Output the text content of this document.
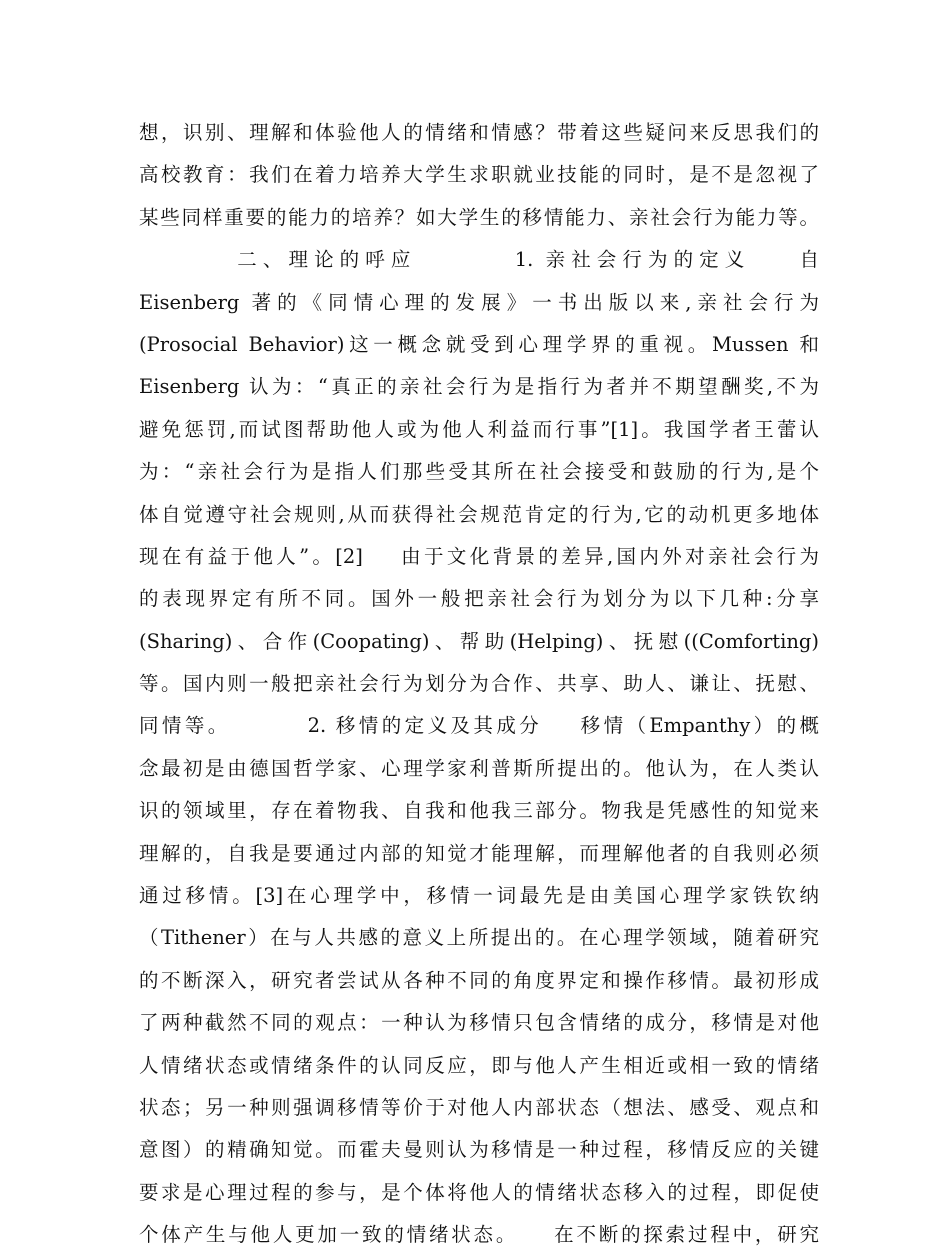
想，识别、理解和体验他人的情绪和情感？带着这些疑问来反思我们的
高校教育：我们在着力培养大学生求职就业技能的同时，是不是忽视了
某些同样重要的能力的培养？如大学生的移情能力、亲社会行为能力等。
二、理论的呼应        1. 亲社会行为的定义    自
Eisenberg 著的《同情心理的发展》一书出版以来,亲社会行为
(Prosocial Behavior)这一概念就受到心理学界的重视。Mussen 和
Eisenberg 认为：“真正的亲社会行为是指行为者并不期望酬奖,不为
避免惩罚,而试图帮助他人或为他人利益而行事”[1]。我国学者王蕾认
为：“亲社会行为是指人们那些受其所在社会接受和鼓励的行为,是个
体自觉遵守社会规则,从而获得社会规范肯定的行为,它的动机更多地体
现在有益于他人”。[2]    由于文化背景的差异,国内外对亲社会行为
的表现界定有所不同。国外一般把亲社会行为划分为以下几种:分享
(Sharing)、合作(Coopating)、帮助(Helping)、抚慰((Comforting)
等。国内则一般把亲社会行为划分为合作、共享、助人、谦让、抚慰、
同情等。        2. 移情的定义及其成分    移情（Empanthy）的概
念最初是由德国哲学家、心理学家利普斯所提出的。他认为，在人类认
识的领域里，存在着物我、自我和他我三部分。物我是凭感性的知觉来
理解的，自我是要通过内部的知觉才能理解，而理解他者的自我则必须
通过移情。[3]在心理学中，移情一词最先是由美国心理学家铁钦纳
（Tithener）在与人共感的意义上所提出的。在心理学领域，随着研究
的不断深入，研究者尝试从各种不同的角度界定和操作移情。最初形成
了两种截然不同的观点：一种认为移情只包含情绪的成分，移情是对他
人情绪状态或情绪条件的认同反应，即与他人产生相近或相一致的情绪
状态；另一种则强调移情等价于对他人内部状态（想法、感受、观点和
意图）的精确知觉。而霍夫曼则认为移情是一种过程，移情反应的关键
要求是心理过程的参与，是个体将他人的情绪状态移入的过程，即促使
个体产生与他人更加一致的情绪状态。    在不断的探索过程中，研究
